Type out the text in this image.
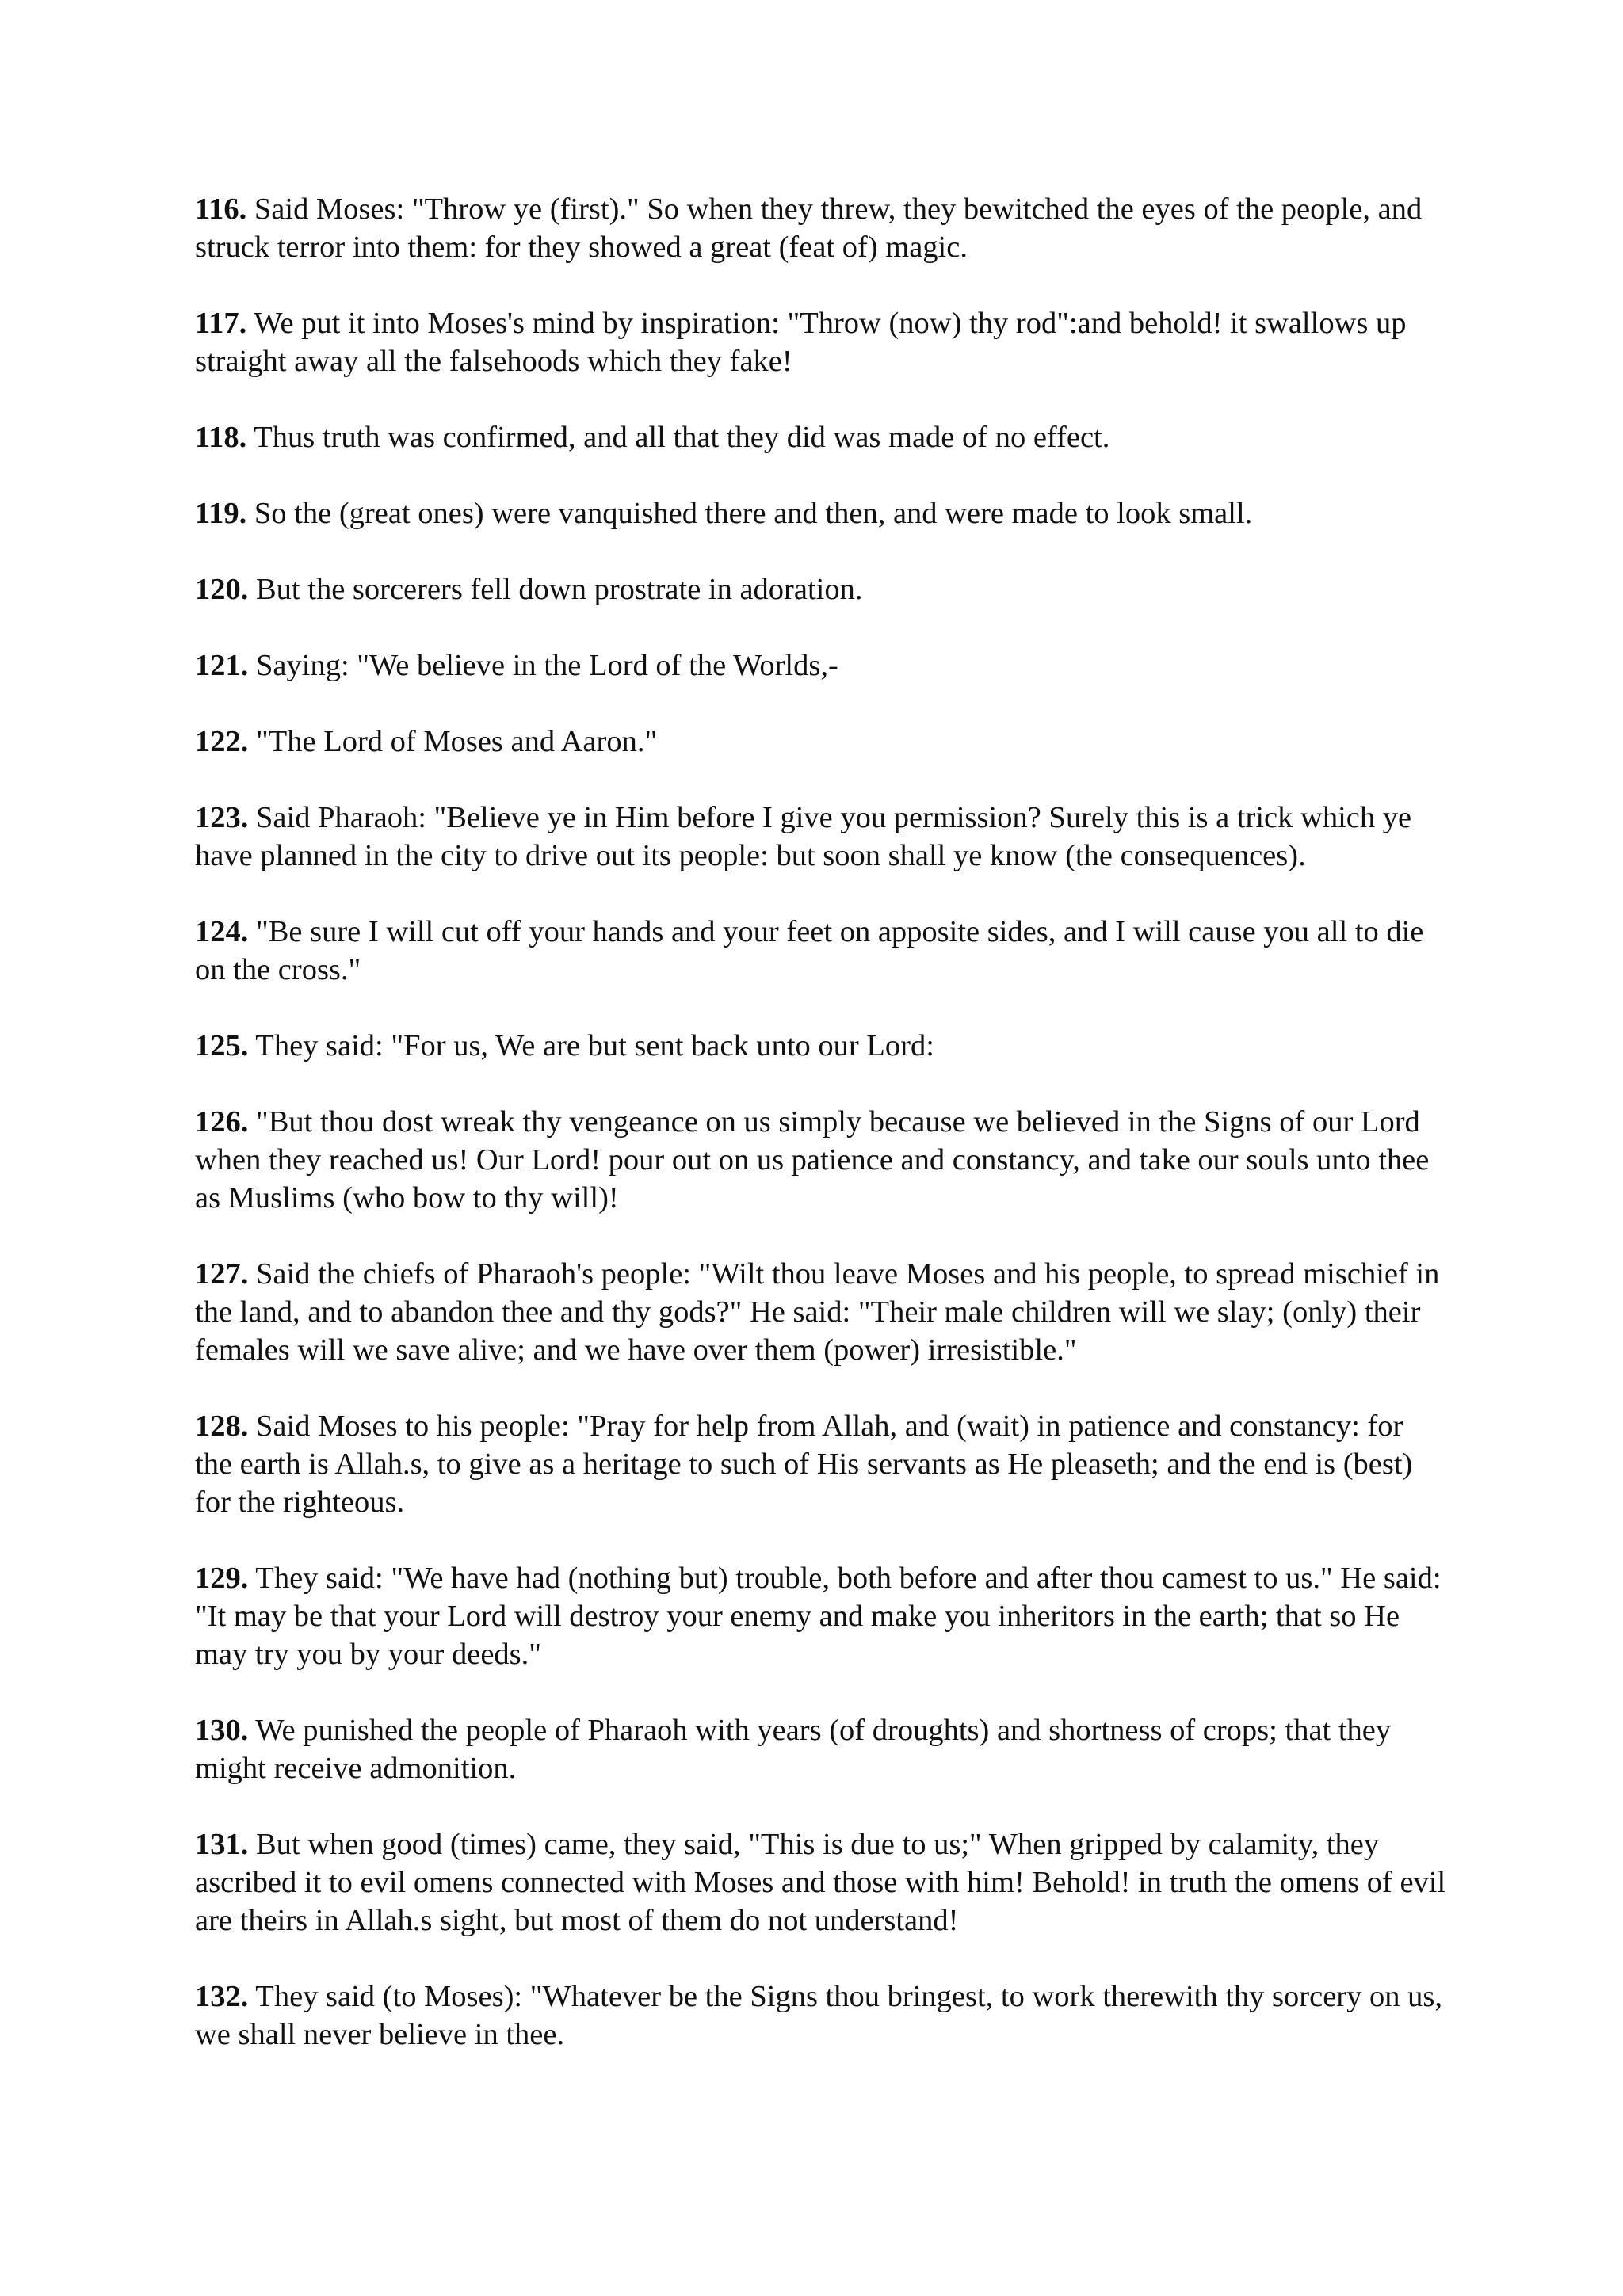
116. Said Moses: "Throw ye (first)." So when they threw, they bewitched the eyes of the people, and struck terror into them: for they showed a great (feat of) magic.

117. We put it into Moses's mind by inspiration: "Throw (now) thy rod":and behold! it swallows up straight away all the falsehoods which they fake!

118. Thus truth was confirmed, and all that they did was made of no effect.

119. So the (great ones) were vanquished there and then, and were made to look small.

120. But the sorcerers fell down prostrate in adoration.

121. Saying: "We believe in the Lord of the Worlds,-

122. "The Lord of Moses and Aaron."

123. Said Pharaoh: "Believe ye in Him before I give you permission? Surely this is a trick which ye have planned in the city to drive out its people: but soon shall ye know (the consequences).

124. "Be sure I will cut off your hands and your feet on apposite sides, and I will cause you all to die on the cross."

125. They said: "For us, We are but sent back unto our Lord:

126. "But thou dost wreak thy vengeance on us simply because we believed in the Signs of our Lord when they reached us! Our Lord! pour out on us patience and constancy, and take our souls unto thee as Muslims (who bow to thy will)!

127. Said the chiefs of Pharaoh's people: "Wilt thou leave Moses and his people, to spread mischief in the land, and to abandon thee and thy gods?" He said: "Their male children will we slay; (only) their females will we save alive; and we have over them (power) irresistible."

128. Said Moses to his people: "Pray for help from Allah, and (wait) in patience and constancy: for the earth is Allah.s, to give as a heritage to such of His servants as He pleaseth; and the end is (best) for the righteous.

129. They said: "We have had (nothing but) trouble, both before and after thou camest to us." He said: "It may be that your Lord will destroy your enemy and make you inheritors in the earth; that so He may try you by your deeds."

130. We punished the people of Pharaoh with years (of droughts) and shortness of crops; that they might receive admonition.

131. But when good (times) came, they said, "This is due to us;" When gripped by calamity, they ascribed it to evil omens connected with Moses and those with him! Behold! in truth the omens of evil are theirs in Allah.s sight, but most of them do not understand!

132. They said (to Moses): "Whatever be the Signs thou bringest, to work therewith thy sorcery on us, we shall never believe in thee.
